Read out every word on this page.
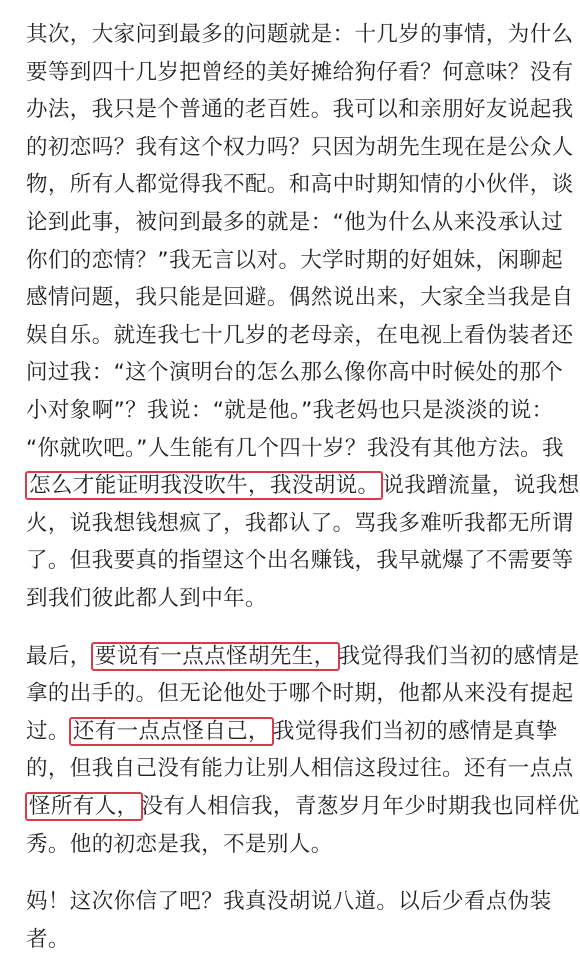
其次，大家问到最多的问题就是：十几岁的事情，为什么
要等到四十几岁把曾经的美好摊给狗仔看？何意味？没有
办法，我只是个普通的老百姓。我可以和亲朋好友说起我
的初恋吗？我有这个权力吗？只因为胡先生现在是公众人
物，所有人都觉得我不配。和高中时期知情的小伙伴，谈
论到此事，被问到最多的就是：“他为什么从来没承认过
你们的恋情？”我无言以对。大学时期的好姐妹，闲聊起
感情问题，我只能是回避。偶然说出来，大家全当我是自
娱自乐。就连我七十几岁的老母亲，在电视上看伪装者还
问过我：“这个演明台的怎么那么像你高中时候处的那个
小对象啊”？我说：“就是他。”我老妈也只是淡淡的说：
“你就吹吧。”人生能有几个四十岁？我没有其他方法。我
怎么才能证明我没吹牛，我没胡说。 说我蹭流量，说我想
火，说我想钱想疯了，我都认了。骂我多难听我都无所谓
了。但我要真的指望这个出名赚钱，我早就爆了不需要等
到我们彼此都人到中年。
最后， 要说有一点点怪胡先生， 我觉得我们当初的感情是
拿的出手的。但无论他处于哪个时期，他都从来没有提起
过。 还有一点点怪自己， 我觉得我们当初的感情是真挚
的，但我自己没有能力让别人相信这段过往。还有一点点
怪所有人， 没有人相信我，青葱岁月年少时期我也同样优
秀。他的初恋是我，不是别人。
妈！这次你信了吧？我真没胡说八道。以后少看点伪装
者。
